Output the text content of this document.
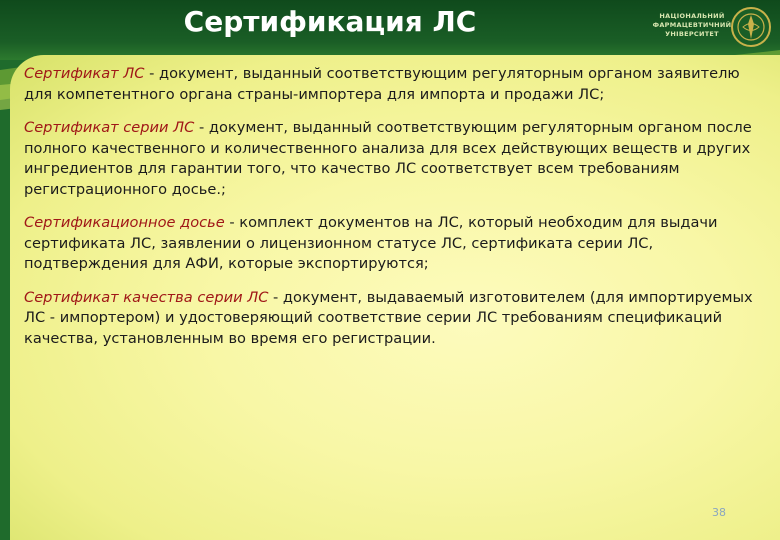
Сертификация ЛС	НАЦІОНАЛЬНИЙ
ФАРМАЦЕВТИЧНИЙ
УНІВЕРСИТЕТ

Сертификат ЛС - документ, выданный соответствующим регуляторным органом заявителю для компетентного органа страны-импортера для импорта и продажи ЛС;

Сертификат серии ЛС - документ, выданный соответствующим регуляторным органом после полного качественного и количественного анализа для всех действующих веществ и других ингредиентов для гарантии того, что качество ЛС соответствует всем требованиям регистрационного досье.;

Сертификационное досье - комплект документов на ЛС, который необходим для выдачи сертификата ЛС, заявлении о лицензионном статусе ЛС, сертификата серии ЛС, подтверждения для АФИ, которые экспортируются;

Сертификат качества серии ЛС - документ, выдаваемый изготовителем (для импортируемых ЛС - импортером) и удостоверяющий соответствие серии ЛС требованиям спецификаций качества, установленным во время его регистрации.

38
